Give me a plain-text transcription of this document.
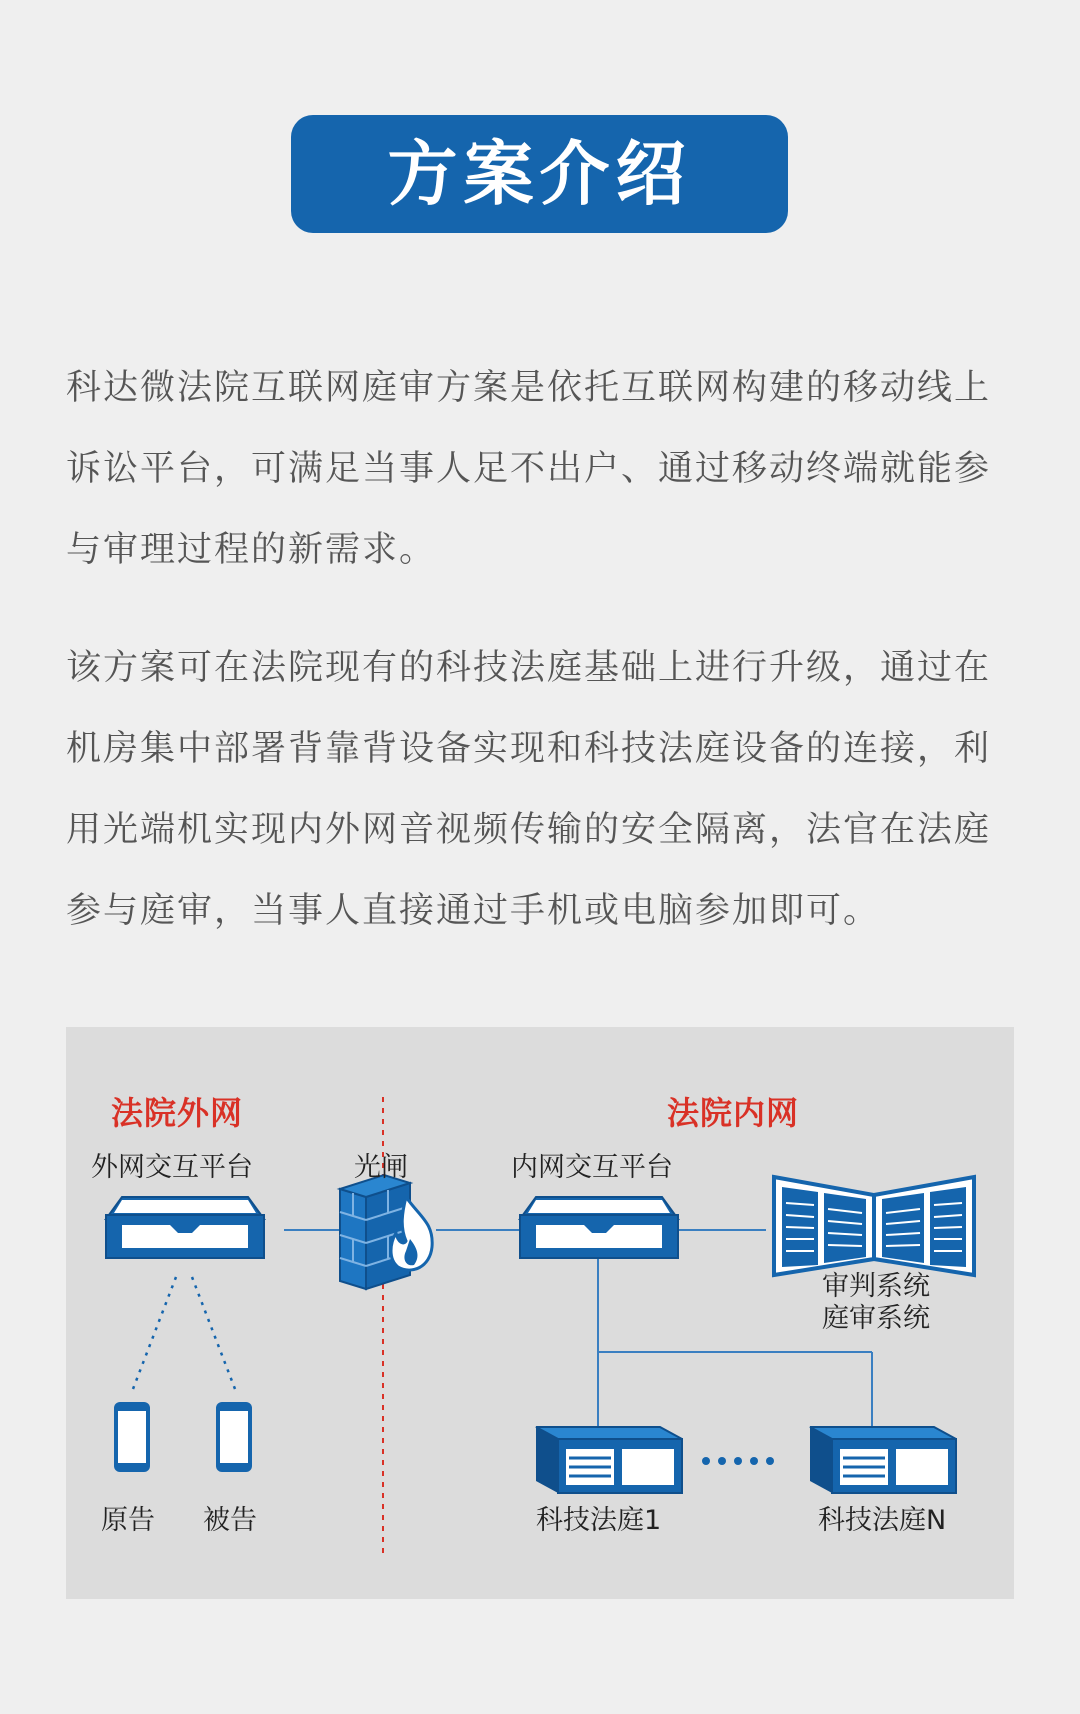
方案介绍

科达微法院互联网庭审方案是依托互联网构建的移动线上诉讼平台，可满足当事人足不出户、通过移动终端就能参与审理过程的新需求。

该方案可在法院现有的科技法庭基础上进行升级，通过在机房集中部署背靠背设备实现和科技法庭设备的连接，利用光端机实现内外网音视频传输的安全隔离，法官在法庭参与庭审，当事人直接通过手机或电脑参加即可。

法院外网	法院内网
外网交互平台	光闸	内网交互平台
审判系统
庭审系统
原告 被告	科技法庭1	科技法庭N
